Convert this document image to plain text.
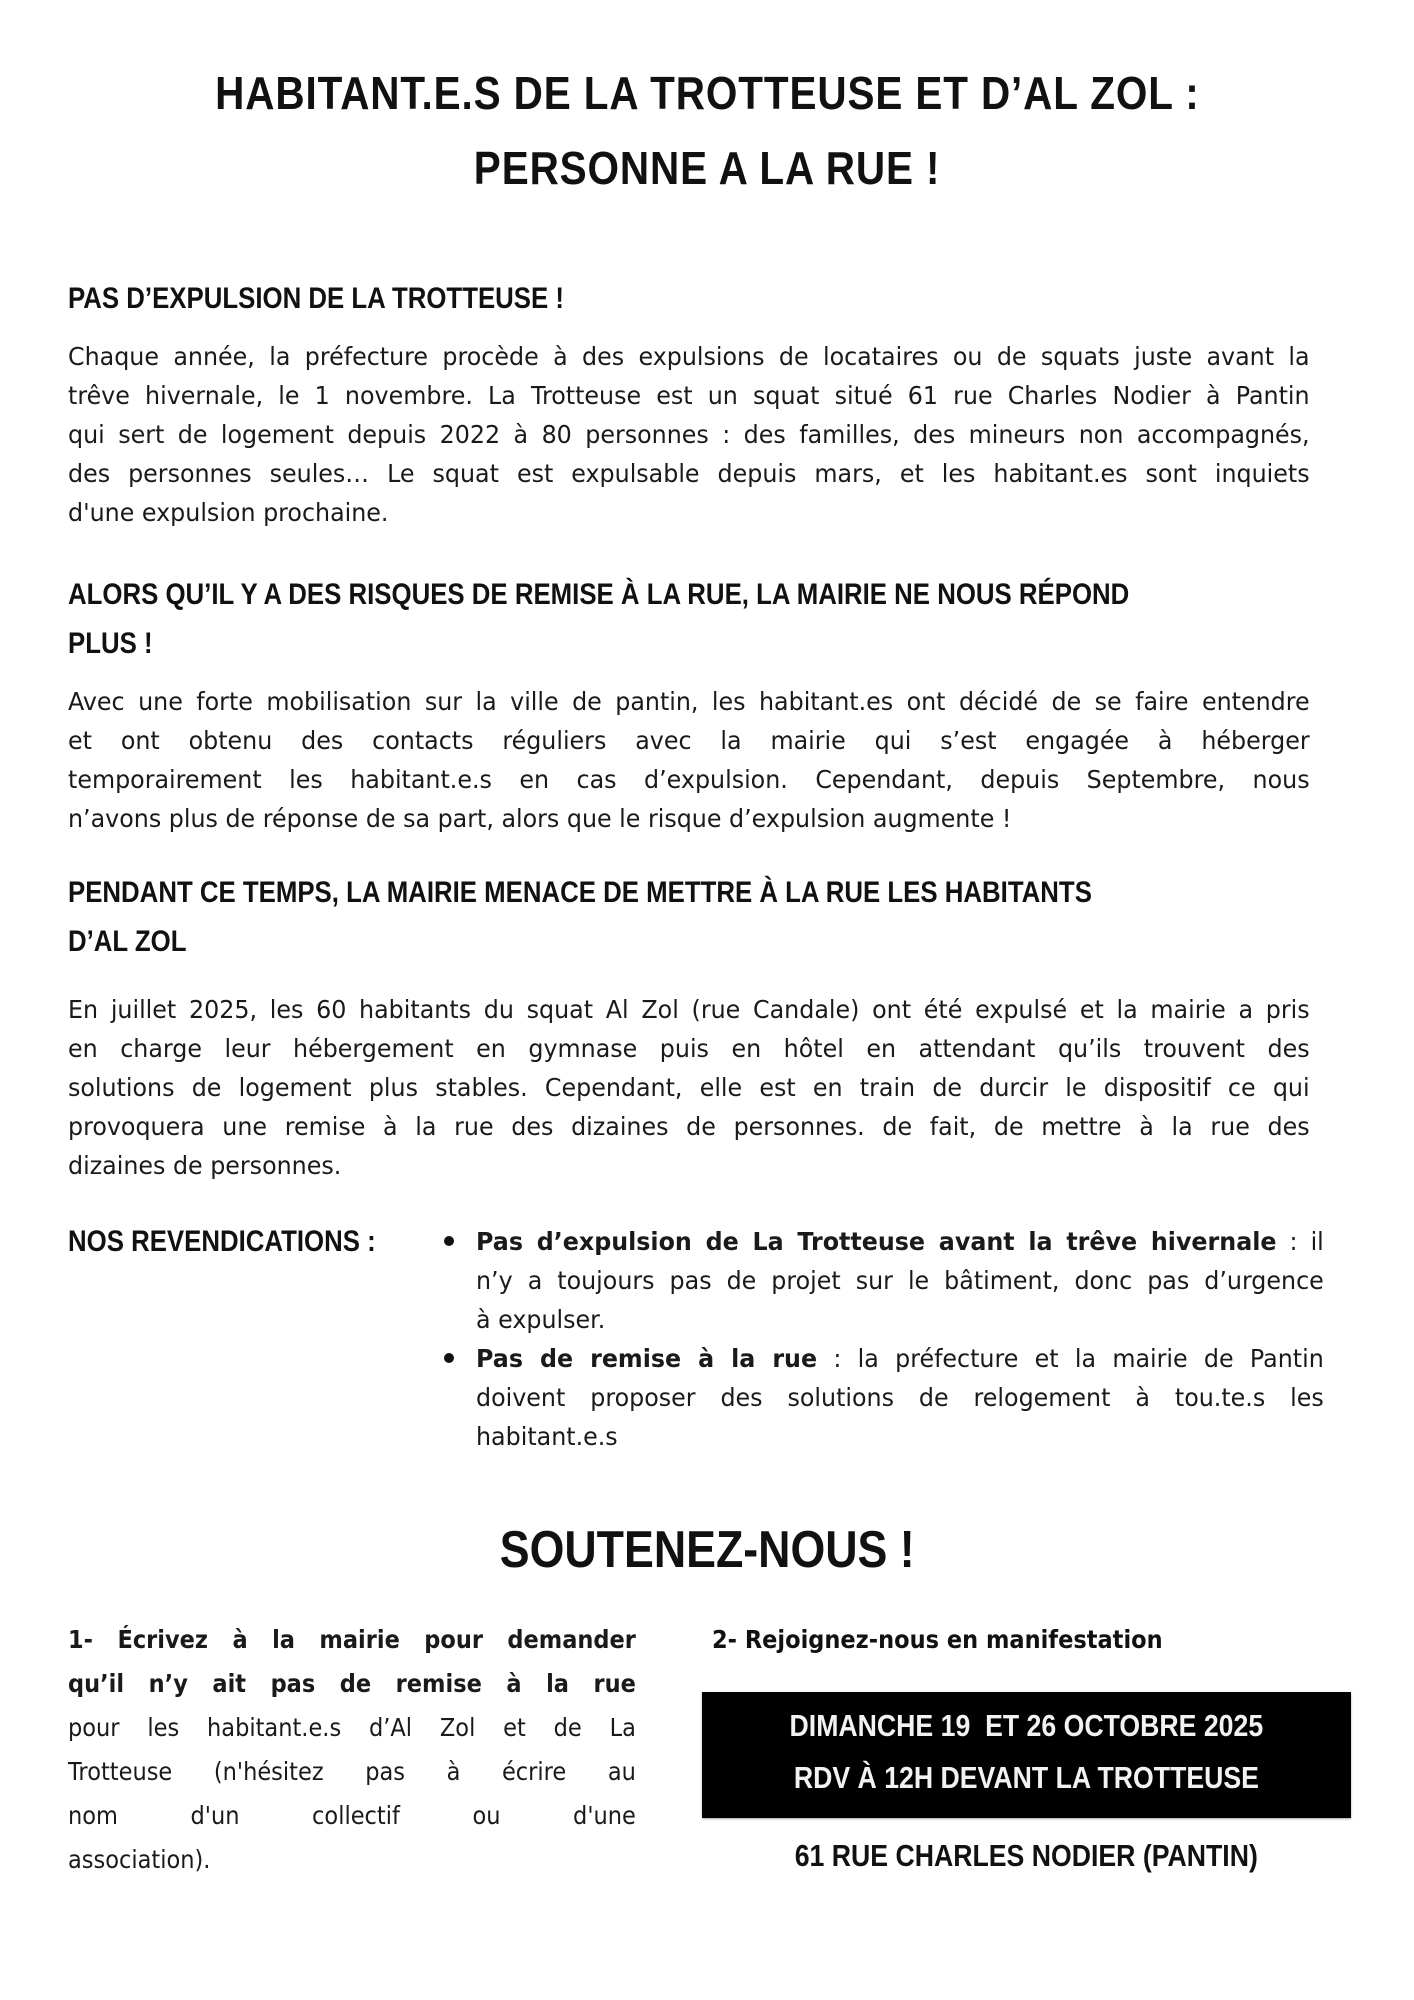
HABITANT.E.S DE LA TROTTEUSE ET D’AL ZOL :
PERSONNE A LA RUE !
PAS D’EXPULSION DE LA TROTTEUSE !
Chaque année, la préfecture procède à des expulsions de locataires ou de squats juste avant la
trêve hivernale, le 1 novembre. La Trotteuse est un squat situé 61 rue Charles Nodier à Pantin
qui sert de logement depuis 2022 à 80 personnes : des familles, des mineurs non accompagnés,
des personnes seules… Le squat est expulsable depuis mars, et les habitant.es sont inquiets
d'une expulsion prochaine.
ALORS QU’IL Y A DES RISQUES DE REMISE À LA RUE, LA MAIRIE NE NOUS RÉPOND
PLUS !
Avec une forte mobilisation sur la ville de pantin, les habitant.es ont décidé de se faire entendre
et ont obtenu des contacts réguliers avec la mairie qui s’est engagée à héberger
temporairement les habitant.e.s en cas d’expulsion. Cependant, depuis Septembre, nous
n’avons plus de réponse de sa part, alors que le risque d’expulsion augmente !
PENDANT CE TEMPS, LA MAIRIE MENACE DE METTRE À LA RUE LES HABITANTS
D’AL ZOL
En juillet 2025, les 60 habitants du squat Al Zol (rue Candale) ont été expulsé et la mairie a pris
en charge leur hébergement en gymnase puis en hôtel en attendant qu’ils trouvent des
solutions de logement plus stables. Cependant, elle est en train de durcir le dispositif ce qui
provoquera une remise à la rue des dizaines de personnes. de fait, de mettre à la rue des
dizaines de personnes.
NOS REVENDICATIONS :	Pas d’expulsion de La Trotteuse avant la trêve hivernale : il
n’y a toujours pas de projet sur le bâtiment, donc pas d’urgence
à expulser.
Pas de remise à la rue : la préfecture et la mairie de Pantin
doivent proposer des solutions de relogement à tou.te.s les
habitant.e.s
SOUTENEZ-NOUS !
1- Écrivez à la mairie pour demander
qu’il n’y ait pas de remise à la rue
pour les habitant.e.s d’Al Zol et de La
Trotteuse (n'hésitez pas à écrire au
nom d'un collectif ou d'une
association).
2- Rejoignez-nous en manifestation
DIMANCHE 19  ET 26 OCTOBRE 2025
RDV À 12H DEVANT LA TROTTEUSE
61 RUE CHARLES NODIER (PANTIN)
